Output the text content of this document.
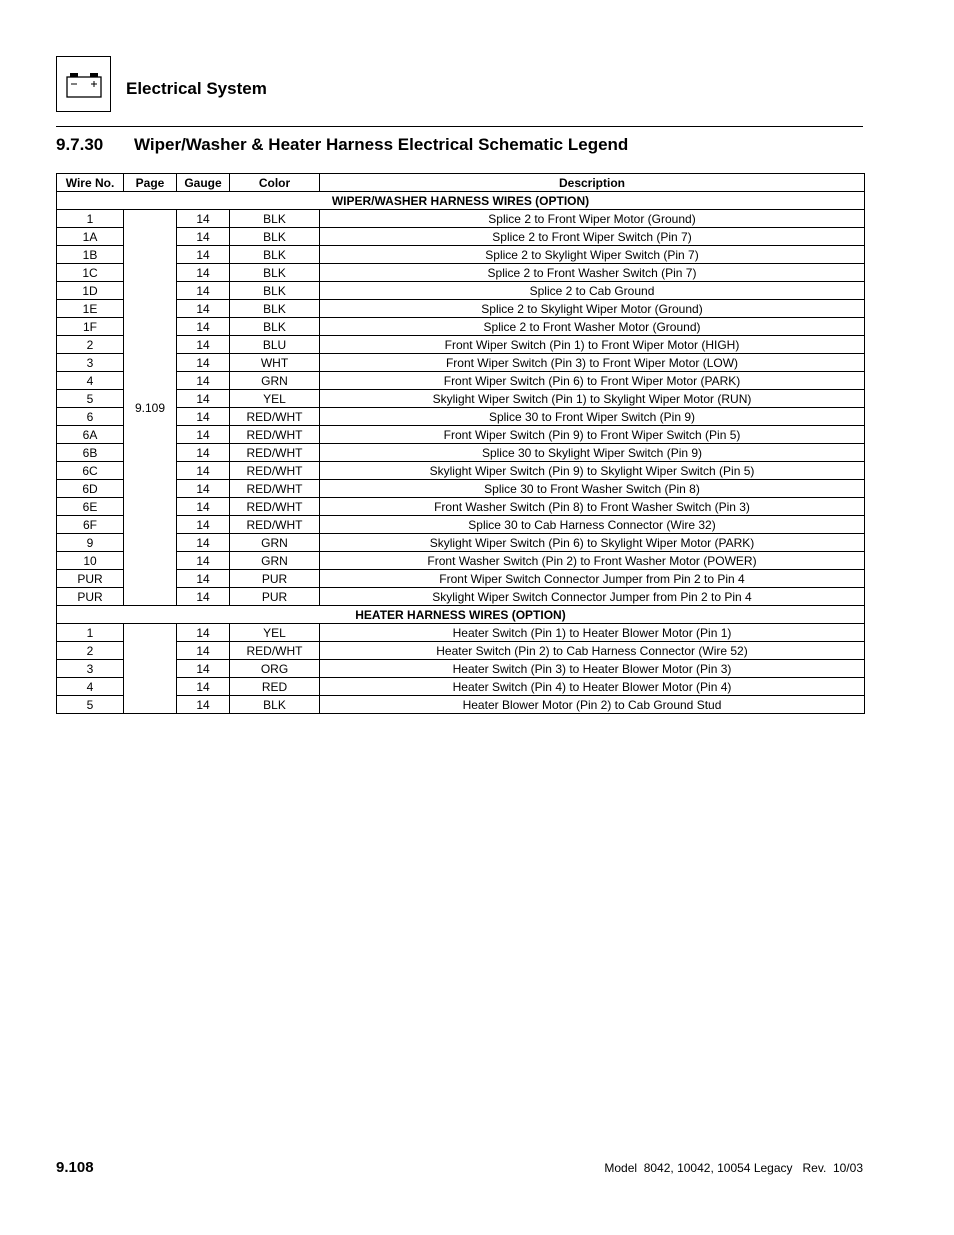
Electrical System
9.7.30 Wiper/Washer & Heater Harness Electrical Schematic Legend
Wire No.	Page	Gauge	Color	Description
WIPER/WASHER HARNESS WIRES (OPTION)				
1	9.109	14	BLK	Splice 2 to Front Wiper Motor (Ground)
1A		14	BLK	Splice 2 to Front Wiper Switch (Pin 7)
1B		14	BLK	Splice 2 to Skylight Wiper Switch (Pin 7)
1C		14	BLK	Splice 2 to Front Washer Switch (Pin 7)
1D		14	BLK	Splice 2 to Cab Ground
1E		14	BLK	Splice 2 to Skylight Wiper Motor (Ground)
1F		14	BLK	Splice 2 to Front Washer Motor (Ground)
2		14	BLU	Front Wiper Switch (Pin 1) to Front Wiper Motor (HIGH)
3		14	WHT	Front Wiper Switch (Pin 3) to Front Wiper Motor (LOW)
4		14	GRN	Front Wiper Switch (Pin 6) to Front Wiper Motor (PARK)
5		14	YEL	Skylight Wiper Switch (Pin 1) to Skylight Wiper Motor (RUN)
6		14	RED/WHT	Splice 30 to Front Wiper Switch (Pin 9)
6A		14	RED/WHT	Front Wiper Switch (Pin 9) to Front Wiper Switch (Pin 5)
6B		14	RED/WHT	Splice 30 to Skylight Wiper Switch (Pin 9)
6C		14	RED/WHT	Skylight Wiper Switch (Pin 9) to Skylight Wiper Switch (Pin 5)
6D		14	RED/WHT	Splice 30 to Front Washer Switch (Pin 8)
6E		14	RED/WHT	Front Washer Switch (Pin 8) to Front Washer Switch (Pin 3)
6F		14	RED/WHT	Splice 30 to Cab Harness Connector (Wire 32)
9		14	GRN	Skylight Wiper Switch (Pin 6) to Skylight Wiper Motor (PARK)
10		14	GRN	Front Washer Switch (Pin 2) to Front Washer Motor (POWER)
PUR		14	PUR	Front Wiper Switch Connector Jumper from Pin 2 to Pin 4
PUR		14	PUR	Skylight Wiper Switch Connector Jumper from Pin 2 to Pin 4
HEATER HARNESS WIRES (OPTION)				
1		14	YEL	Heater Switch (Pin 1) to Heater Blower Motor (Pin 1)
2		14	RED/WHT	Heater Switch (Pin 2) to Cab Harness Connector (Wire 52)
3		14	ORG	Heater Switch (Pin 3) to Heater Blower Motor (Pin 3)
4		14	RED	Heater Switch (Pin 4) to Heater Blower Motor (Pin 4)
5		14	BLK	Heater Blower Motor (Pin 2) to Cab Ground Stud
9.108	Model  8042, 10042, 10054 Legacy   Rev.  10/03
